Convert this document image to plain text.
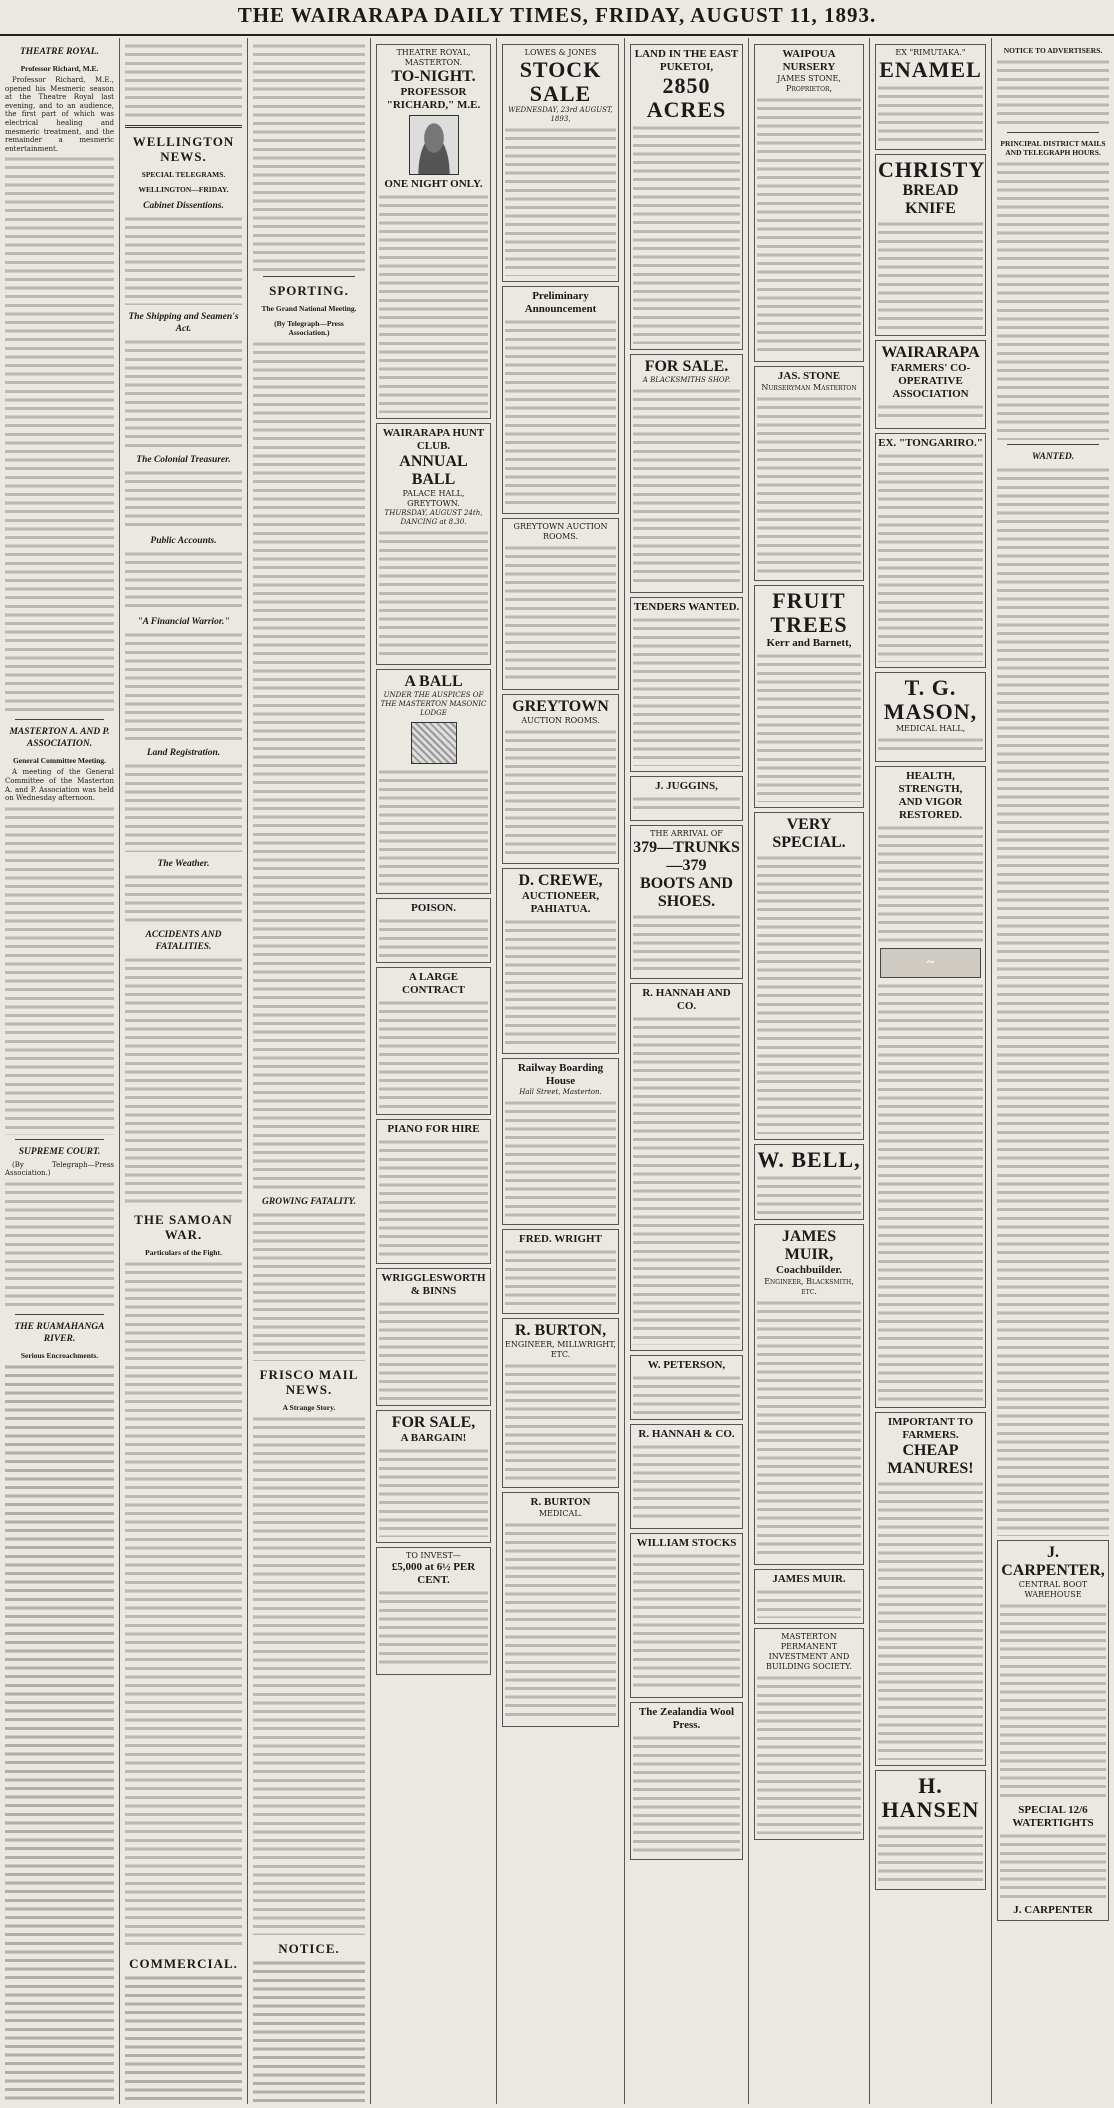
THE WAIRARAPA DAILY TIMES, FRIDAY, AUGUST 11, 1893.
THEATRE ROYAL.
Professor Richard, M.E.
Professor Richard, M.E., opened his Mesmeric season at the Theatre Royal last evening, and to an audience, the first part of which was electrical healing and mesmeric treatment, and the remainder a mesmeric entertainment.
MASTERTON A. AND P. ASSOCIATION.
General Committee Meeting.
A meeting of the General Committee of the Masterton A. and P. Association was held on Wednesday afternoon.
SUPREME COURT.
(By Telegraph—Press Association.)
THE RUAMAHANGA RIVER.
Serious Encroachments.
WELLINGTON NEWS.
SPECIAL TELEGRAMS.
WELLINGTON—FRIDAY.
Cabinet Dissentions.
The Shipping and Seamen's Act.
The Colonial Treasurer.
Public Accounts.
"A Financial Warrior."
Land Registration.
The Weather.
ACCIDENTS AND FATALITIES.
THE SAMOAN WAR.
Particulars of the Fight.
COMMERCIAL.
SPORTING.
The Grand National Meeting.
(By Telegraph—Press Association.)
GROWING FATALITY.
FRISCO MAIL NEWS.
A Strange Story.
NOTICE.
THEATRE ROYAL, MASTERTON.
TO-NIGHT.
PROFESSOR "RICHARD," M.E.
ONE NIGHT ONLY.
WAIRARAPA HUNT CLUB.
ANNUAL BALL
PALACE HALL, GREYTOWN.
THURSDAY, AUGUST 24th, DANCING at 8.30.
A BALL
UNDER THE AUSPICES OF THE MASTERTON MASONIC LODGE
POISON.
A LARGE CONTRACT
PIANO FOR HIRE
WRIGGLESWORTH & BINNS
FOR SALE,
A BARGAIN!
TO INVEST—
£5,000 at 6½ PER CENT.
LOWES & JONES
STOCK SALE
WEDNESDAY, 23rd AUGUST, 1893,
Preliminary Announcement
GREYTOWN AUCTION ROOMS.
GREYTOWN
AUCTION ROOMS.
D. CREWE,
AUCTIONEER, PAHIATUA.
Railway Boarding House
Hall Street, Masterton.
FRED. WRIGHT
R. BURTON,
ENGINEER, MILLWRIGHT, ETC.
R. BURTON
MEDICAL.
LAND IN THE EAST PUKETOI,
2850 ACRES
FOR SALE.
A BLACKSMITHS SHOP.
TENDERS WANTED.
J. JUGGINS,
THE ARRIVAL OF
379—TRUNKS—379
BOOTS AND SHOES.
R. HANNAH AND CO.
W. PETERSON,
R. HANNAH & CO.
WILLIAM STOCKS
The Zealandia Wool Press.
WAIPOUA NURSERY
JAMES STONE, Proprietor,
JAS. STONE
Nurseryman Masterton
FRUIT TREES
Kerr and Barnett,
VERY SPECIAL.
W. BELL,
JAMES MUIR,
Coachbuilder.
Engineer, Blacksmith, etc.
JAMES MUIR.
MASTERTON PERMANENT INVESTMENT AND BUILDING SOCIETY.
EX "RIMUTAKA."
ENAMEL
CHRISTY
BREAD KNIFE
WAIRARAPA
FARMERS' CO-OPERATIVE ASSOCIATION
EX. "TONGARIRO."
T. G. MASON,
MEDICAL HALL,
HEALTH, STRENGTH,
AND VIGOR RESTORED.
~
IMPORTANT TO FARMERS.
CHEAP MANURES!
H. HANSEN
NOTICE TO ADVERTISERS.
PRINCIPAL DISTRICT MAILS AND TELEGRAPH HOURS.
WANTED.
J. CARPENTER,
CENTRAL BOOT WAREHOUSE
SPECIAL 12/6 WATERTIGHTS
J. CARPENTER
